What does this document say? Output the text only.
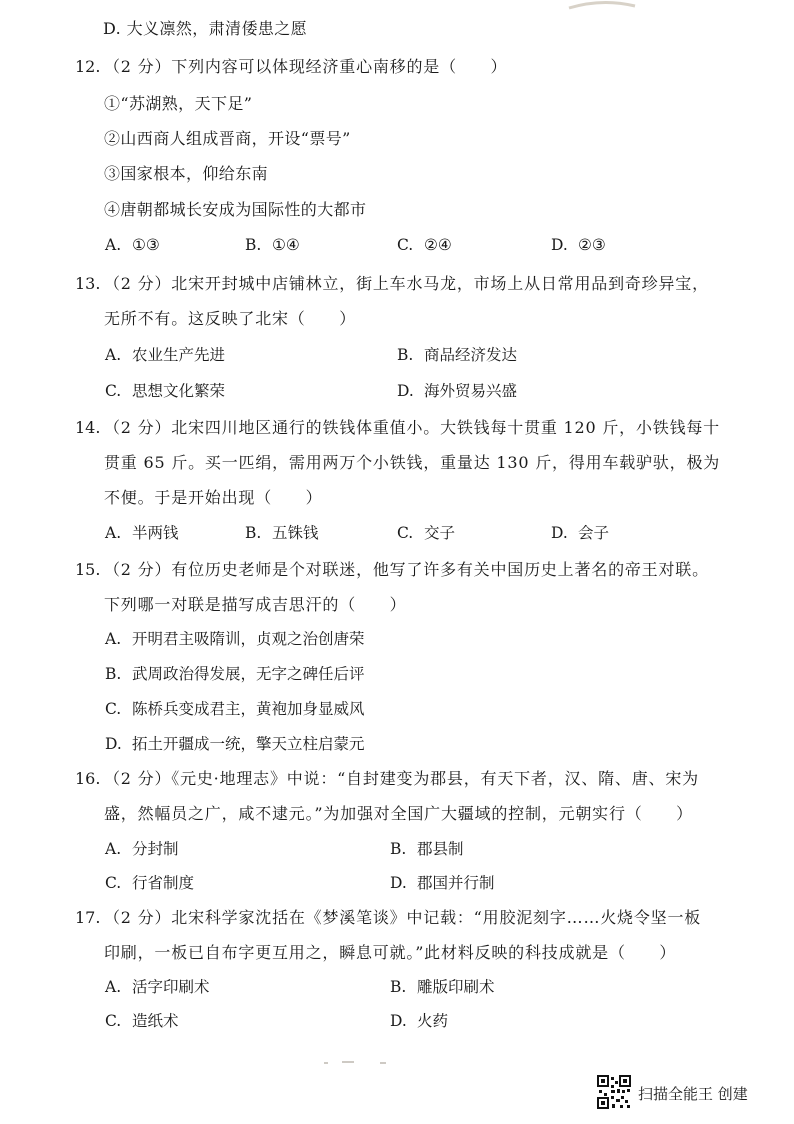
D. 大义凛然，肃清倭患之愿
12. （2 分）下列内容可以体现经济重心南移的是（　　）
①“苏湖熟，天下足”
②山西商人组成晋商，开设“票号”
③国家根本，仰给东南
④唐朝都城长安成为国际性的大都市
A. ①③	B. ①④	C. ②④	D. ②③
13. （2 分）北宋开封城中店铺林立，街上车水马龙，市场上从日常用品到奇珍异宝，
无所不有。这反映了北宋（　　）
A. 农业生产先进	B. 商品经济发达
C. 思想文化繁荣	D. 海外贸易兴盛
14. （2 分）北宋四川地区通行的铁钱体重值小。大铁钱每十贯重 120 斤，小铁钱每十
贯重 65 斤。买一匹绢，需用两万个小铁钱，重量达 130 斤，得用车载驴驮，极为
不便。于是开始出现（　　）
A. 半两钱	B. 五铢钱	C. 交子	D. 会子
15. （2 分）有位历史老师是个对联迷，他写了许多有关中国历史上著名的帝王对联。
下列哪一对联是描写成吉思汗的（　　）
A. 开明君主吸隋训，贞观之治创唐荣
B. 武周政治得发展，无字之碑任后评
C. 陈桥兵变成君主，黄袍加身显威风
D. 拓土开疆成一统，擎天立柱启蒙元
16. （2 分）《元史·地理志》中说：“自封建变为郡县，有天下者，汉、隋、唐、宋为
盛，然幅员之广，咸不逮元。”为加强对全国广大疆域的控制，元朝实行（　　）
A. 分封制	B. 郡县制
C. 行省制度	D. 郡国并行制
17. （2 分）北宋科学家沈括在《梦溪笔谈》中记载：“用胶泥刻字……火烧令坚一板
印刷，一板已自布字更互用之，瞬息可就。”此材料反映的科技成就是（　　）
A. 活字印刷术	B. 雕版印刷术
C. 造纸术	D. 火药
扫描全能王 创建
